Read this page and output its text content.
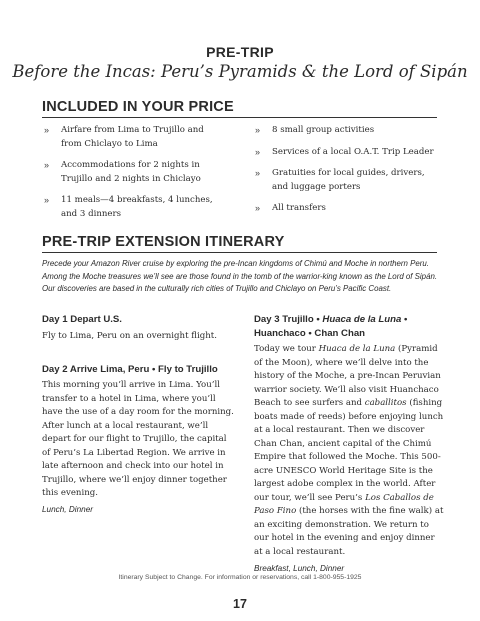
PRE-TRIP
Before the Incas: Peru’s Pyramids & the Lord of Sipán
INCLUDED IN YOUR PRICE
» Airfare from Lima to Trujillo and from Chiclayo to Lima
» Accommodations for 2 nights in Trujillo and 2 nights in Chiclayo
» 11 meals—4 breakfasts, 4 lunches, and 3 dinners
» 8 small group activities
» Services of a local O.A.T. Trip Leader
» Gratuities for local guides, drivers, and luggage porters
» All transfers
PRE-TRIP EXTENSION ITINERARY
Precede your Amazon River cruise by exploring the pre-Incan kingdoms of Chimú and Moche in northern Peru. Among the Moche treasures we’ll see are those found in the tomb of the warrior-king known as the Lord of Sipán. Our discoveries are based in the culturally rich cities of Trujillo and Chiclayo on Peru’s Pacific Coast.
Day 1 Depart U.S.
Fly to Lima, Peru on an overnight flight.
Day 2 Arrive Lima, Peru • Fly to Trujillo
This morning you’ll arrive in Lima. You’ll transfer to a hotel in Lima, where you’ll have the use of a day room for the morning. After lunch at a local restaurant, we’ll depart for our flight to Trujillo, the capital of Peru’s La Libertad Region. We arrive in late afternoon and check into our hotel in Trujillo, where we’ll enjoy dinner together this evening.
Lunch, Dinner
Day 3 Trujillo • Huaca de la Luna •
Huanchaco • Chan Chan
Today we tour Huaca de la Luna (Pyramid of the Moon), where we’ll delve into the history of the Moche, a pre-Incan Peruvian warrior society. We’ll also visit Huanchaco Beach to see surfers and caballitos (fishing boats made of reeds) before enjoying lunch at a local restaurant. Then we discover Chan Chan, ancient capital of the Chimú Empire that followed the Moche. This 500-acre UNESCO World Heritage Site is the largest adobe complex in the world. After our tour, we’ll see Peru’s Los Caballos de Paso Fino (the horses with the fine walk) at an exciting demonstration. We return to our hotel in the evening and enjoy dinner at a local restaurant.
Breakfast, Lunch, Dinner
Itinerary Subject to Change. For information or reservations, call 1-800-955-1925
17
